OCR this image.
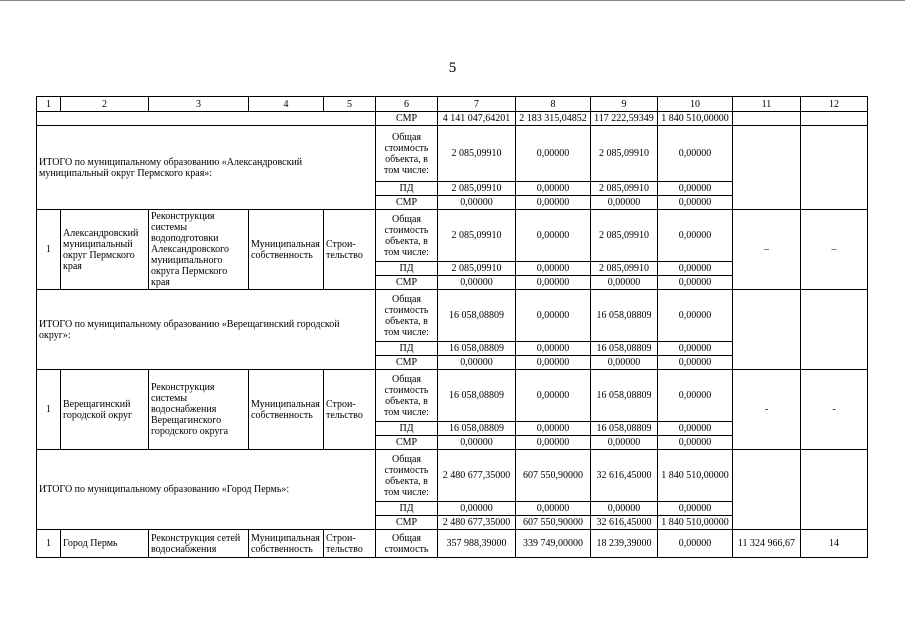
5
1	2	3	4	5	6	7	8	9	10	11	12
					СМР	4 141 047,64201	2 183 315,04852	117 222,59349	1 840 510,00000		
ИТОГО по муниципальному образованию «Александровский муниципальный округ Пермского края»:					Общая стоимость объекта, в том числе:	2 085,09910	0,00000	2 085,09910	0,00000		
					ПД	2 085,09910	0,00000	2 085,09910	0,00000		
					СМР	0,00000	0,00000	0,00000	0,00000		
1	Александровский муниципальный округ Пермского края	Реконструкция системы водоподготовки Александровского муниципального округа Пермского края	Муниципальная собственность	Строи-тельство	Общая стоимость объекта, в том числе:	2 085,09910	0,00000	2 085,09910	0,00000	–	–
					ПД	2 085,09910	0,00000	2 085,09910	0,00000		
					СМР	0,00000	0,00000	0,00000	0,00000		
ИТОГО по муниципальному образованию «Верещагинский городской округ»:					Общая стоимость объекта, в том числе:	16 058,08809	0,00000	16 058,08809	0,00000		
					ПД	16 058,08809	0,00000	16 058,08809	0,00000		
					СМР	0,00000	0,00000	0,00000	0,00000		
1	Верещагинский городской округ	Реконструкция системы водоснабжения Верещагинского городского округа	Муниципальная собственность	Строи-тельство	Общая стоимость объекта, в том числе:	16 058,08809	0,00000	16 058,08809	0,00000	-	-
					ПД	16 058,08809	0,00000	16 058,08809	0,00000		
					СМР	0,00000	0,00000	0,00000	0,00000		
ИТОГО по муниципальному образованию «Город Пермь»:					Общая стоимость объекта, в том числе:	2 480 677,35000	607 550,90000	32 616,45000	1 840 510,00000		
					ПД	0,00000	0,00000	0,00000	0,00000		
					СМР	2 480 677,35000	607 550,90000	32 616,45000	1 840 510,00000		
1	Город Пермь	Реконструкция сетей водоснабжения	Муниципальная собственность	Строи-тельство	Общая стоимость	357 988,39000	339 749,00000	18 239,39000	0,00000	11 324 966,67	14
